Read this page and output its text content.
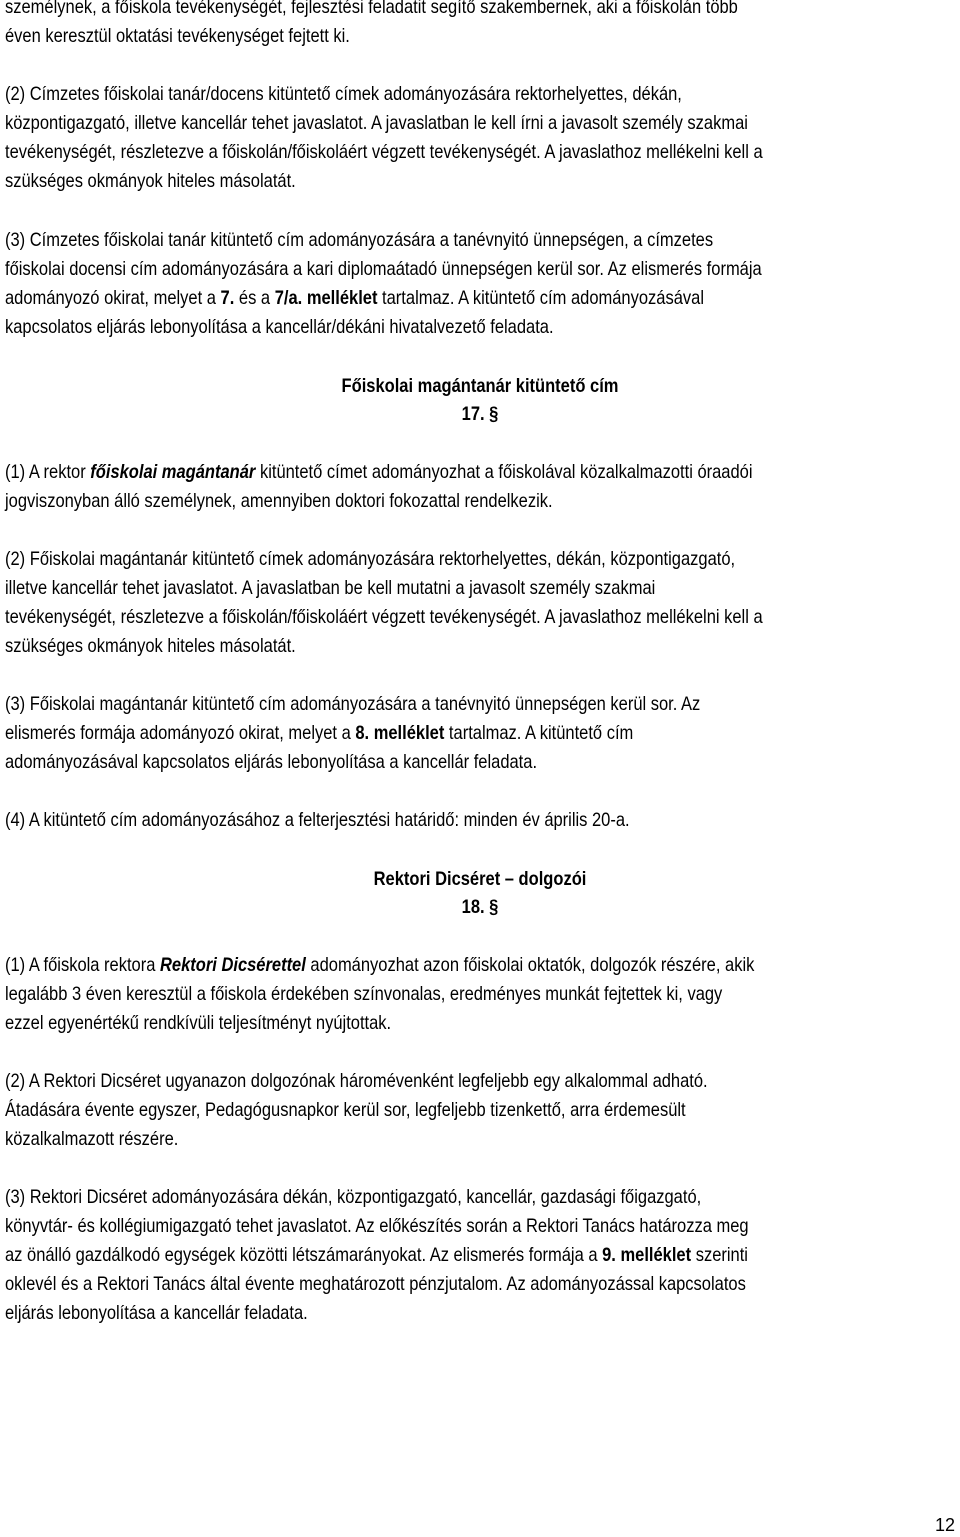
személynek, a főiskola tevékenységét, fejlesztési feladatit segítő szakembernek, aki a főiskolán több
éven keresztül oktatási tevékenységet fejtett ki.
(2) Címzetes főiskolai tanár/docens kitüntető címek adományozására rektorhelyettes, dékán,
központigazgató, illetve kancellár tehet javaslatot. A javaslatban le kell írni a javasolt személy szakmai
tevékenységét, részletezve a főiskolán/főiskoláért végzett tevékenységét. A javaslathoz mellékelni kell a
szükséges okmányok hiteles másolatát.
(3) Címzetes főiskolai tanár kitüntető cím adományozására a tanévnyitó ünnepségen, a címzetes
főiskolai docensi cím adományozására a kari diplomaátadó ünnepségen kerül sor. Az elismerés formája
adományozó okirat, melyet a 7. és a 7/a. melléklet tartalmaz. A kitüntető cím adományozásával
kapcsolatos eljárás lebonyolítása a kancellár/dékáni hivatalvezető feladata.
Főiskolai magántanár kitüntető cím
17. §
(1) A rektor főiskolai magántanár kitüntető címet adományozhat a főiskolával közalkalmazotti óraadói
jogviszonyban álló személynek, amennyiben doktori fokozattal rendelkezik.
(2) Főiskolai magántanár kitüntető címek adományozására rektorhelyettes, dékán, központigazgató,
illetve kancellár tehet javaslatot. A javaslatban be kell mutatni a javasolt személy szakmai
tevékenységét, részletezve a főiskolán/főiskoláért végzett tevékenységét. A javaslathoz mellékelni kell a
szükséges okmányok hiteles másolatát.
(3) Főiskolai magántanár kitüntető cím adományozására a tanévnyitó ünnepségen kerül sor. Az
elismerés formája adományozó okirat, melyet a 8. melléklet tartalmaz. A kitüntető cím
adományozásával kapcsolatos eljárás lebonyolítása a kancellár feladata.
(4) A kitüntető cím adományozásához a felterjesztési határidő: minden év április 20-a.
Rektori Dicséret – dolgozói
18. §
(1) A főiskola rektora Rektori Dicsérettel adományozhat azon főiskolai oktatók, dolgozók részére, akik
legalább 3 éven keresztül a főiskola érdekében színvonalas, eredményes munkát fejtettek ki, vagy
ezzel egyenértékű rendkívüli teljesítményt nyújtottak.
(2) A Rektori Dicséret ugyanazon dolgozónak háromévenként legfeljebb egy alkalommal adható.
Átadására évente egyszer, Pedagógusnapkor kerül sor, legfeljebb tizenkettő, arra érdemesült
közalkalmazott részére.
(3) Rektori Dicséret adományozására dékán, központigazgató, kancellár, gazdasági főigazgató,
könyvtár- és kollégiumigazgató tehet javaslatot. Az előkészítés során a Rektori Tanács határozza meg
az önálló gazdálkodó egységek közötti létszámarányokat. Az elismerés formája a 9. melléklet szerinti
oklevél és a Rektori Tanács által évente meghatározott pénzjutalom. Az adományozással kapcsolatos
eljárás lebonyolítása a kancellár feladata.
12
